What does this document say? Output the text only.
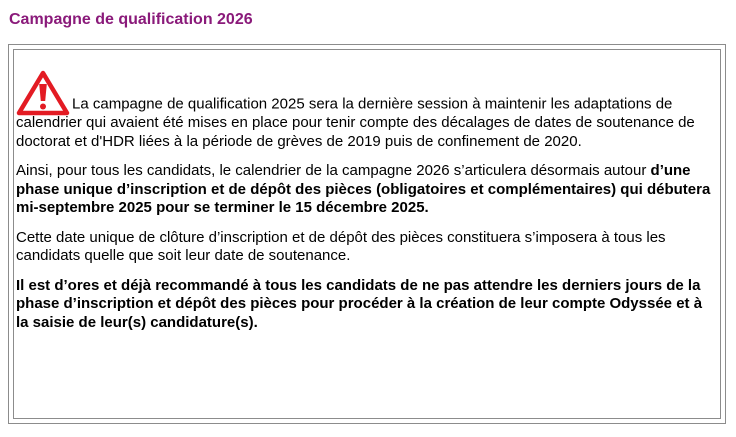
Campagne de qualification 2026

La campagne de qualification 2025 sera la dernière session à maintenir les adaptations de calendrier qui avaient été mises en place pour tenir compte des décalages de dates de soutenance de doctorat et d'HDR liées à la période de grèves de 2019 puis de confinement de 2020.

Ainsi, pour tous les candidats, le calendrier de la campagne 2026 s’articulera désormais autour d’une phase unique d’inscription et de dépôt des pièces (obligatoires et complémentaires) qui débutera mi-septembre 2025 pour se terminer le 15 décembre 2025.

Cette date unique de clôture d’inscription et de dépôt des pièces constituera s’imposera à tous les candidats quelle que soit leur date de soutenance.

Il est d’ores et déjà recommandé à tous les candidats de ne pas attendre les derniers jours de la phase d’inscription et dépôt des pièces pour procéder à la création de leur compte Odyssée et à la saisie de leur(s) candidature(s).
